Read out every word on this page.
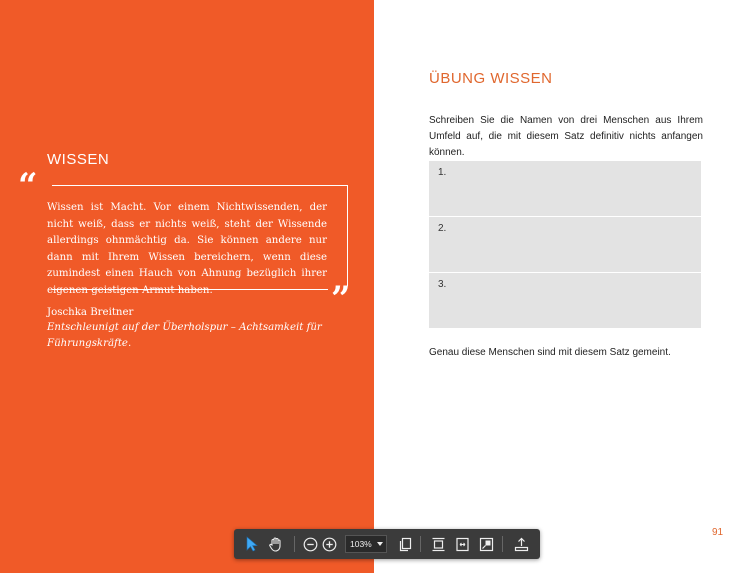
WISSEN
“
Wissen ist Macht. Vor einem Nichtwissenden, der nicht weiß, dass er nichts weiß, steht der Wissende allerdings ohnmächtig da. Sie können andere nur dann mit Ihrem Wissen bereichern, wenn diese zumindest einen Hauch von Ahnung bezüglich ihrer eigenen geistigen Armut haben.	”
Joschka Breitner
Entschleunigt auf der Überholspur – Achtsamkeit für Führungskräfte.
ÜBUNG WISSEN
Schreiben Sie die Namen von drei Menschen aus Ihrem Umfeld auf, die mit diesem Satz definitiv nichts anfangen können.
1.
2.
3.
Genau diese Menschen sind mit diesem Satz gemeint.
91
103%
